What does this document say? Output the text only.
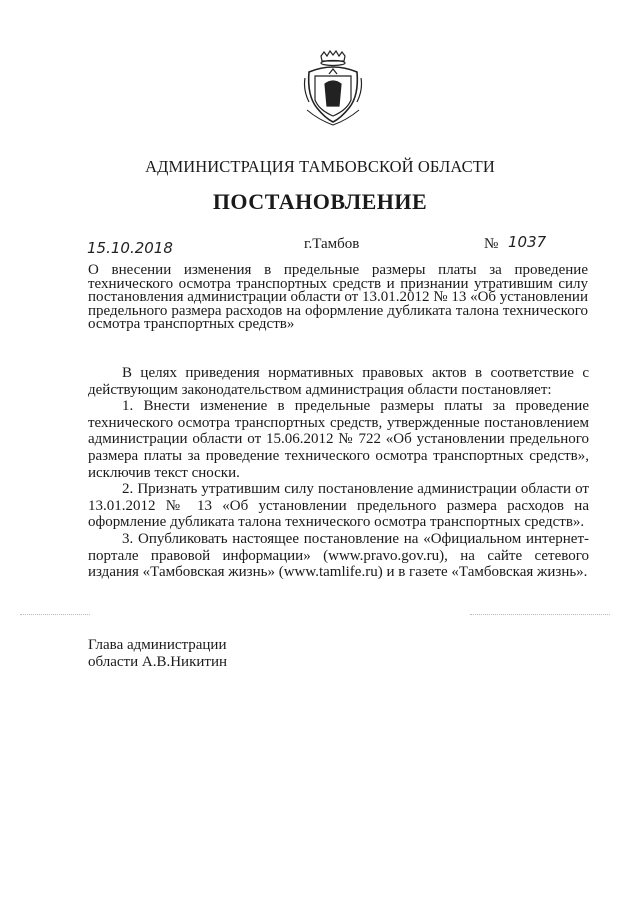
АДМИНИСТРАЦИЯ ТАМБОВСКОЙ ОБЛАСТИ
ПОСТАНОВЛЕНИЕ
15.10.2018	г.Тамбов	№ 1037
О внесении изменения в предельные размеры платы за проведение технического осмотра транспортных средств и признании утратившим силу постановления администрации области от 13.01.2012 № 13 «Об установлении предельного размера расходов на оформление дубликата талона технического осмотра транспортных средств»

В целях приведения нормативных правовых актов в соответствие с действующим законодательством администрация области постановляет:

1. Внести изменение в предельные размеры платы за проведение технического осмотра транспортных средств, утвержденные постановлением администрации области от 15.06.2012 № 722 «Об установлении предельного размера платы за проведение технического осмотра транспортных средств», исключив текст сноски.

2. Признать утратившим силу постановление администрации области от 13.01.2012 № 13 «Об установлении предельного размера расходов на оформление дубликата талона технического осмотра транспортных средств».

3. Опубликовать настоящее постановление на «Официальном интернет-портале правовой информации» (www.pravo.gov.ru), на сайте сетевого издания «Тамбовская жизнь» (www.tamlife.ru) и в газете «Тамбовская жизнь».

Глава администрации
области А.В.Никитин
